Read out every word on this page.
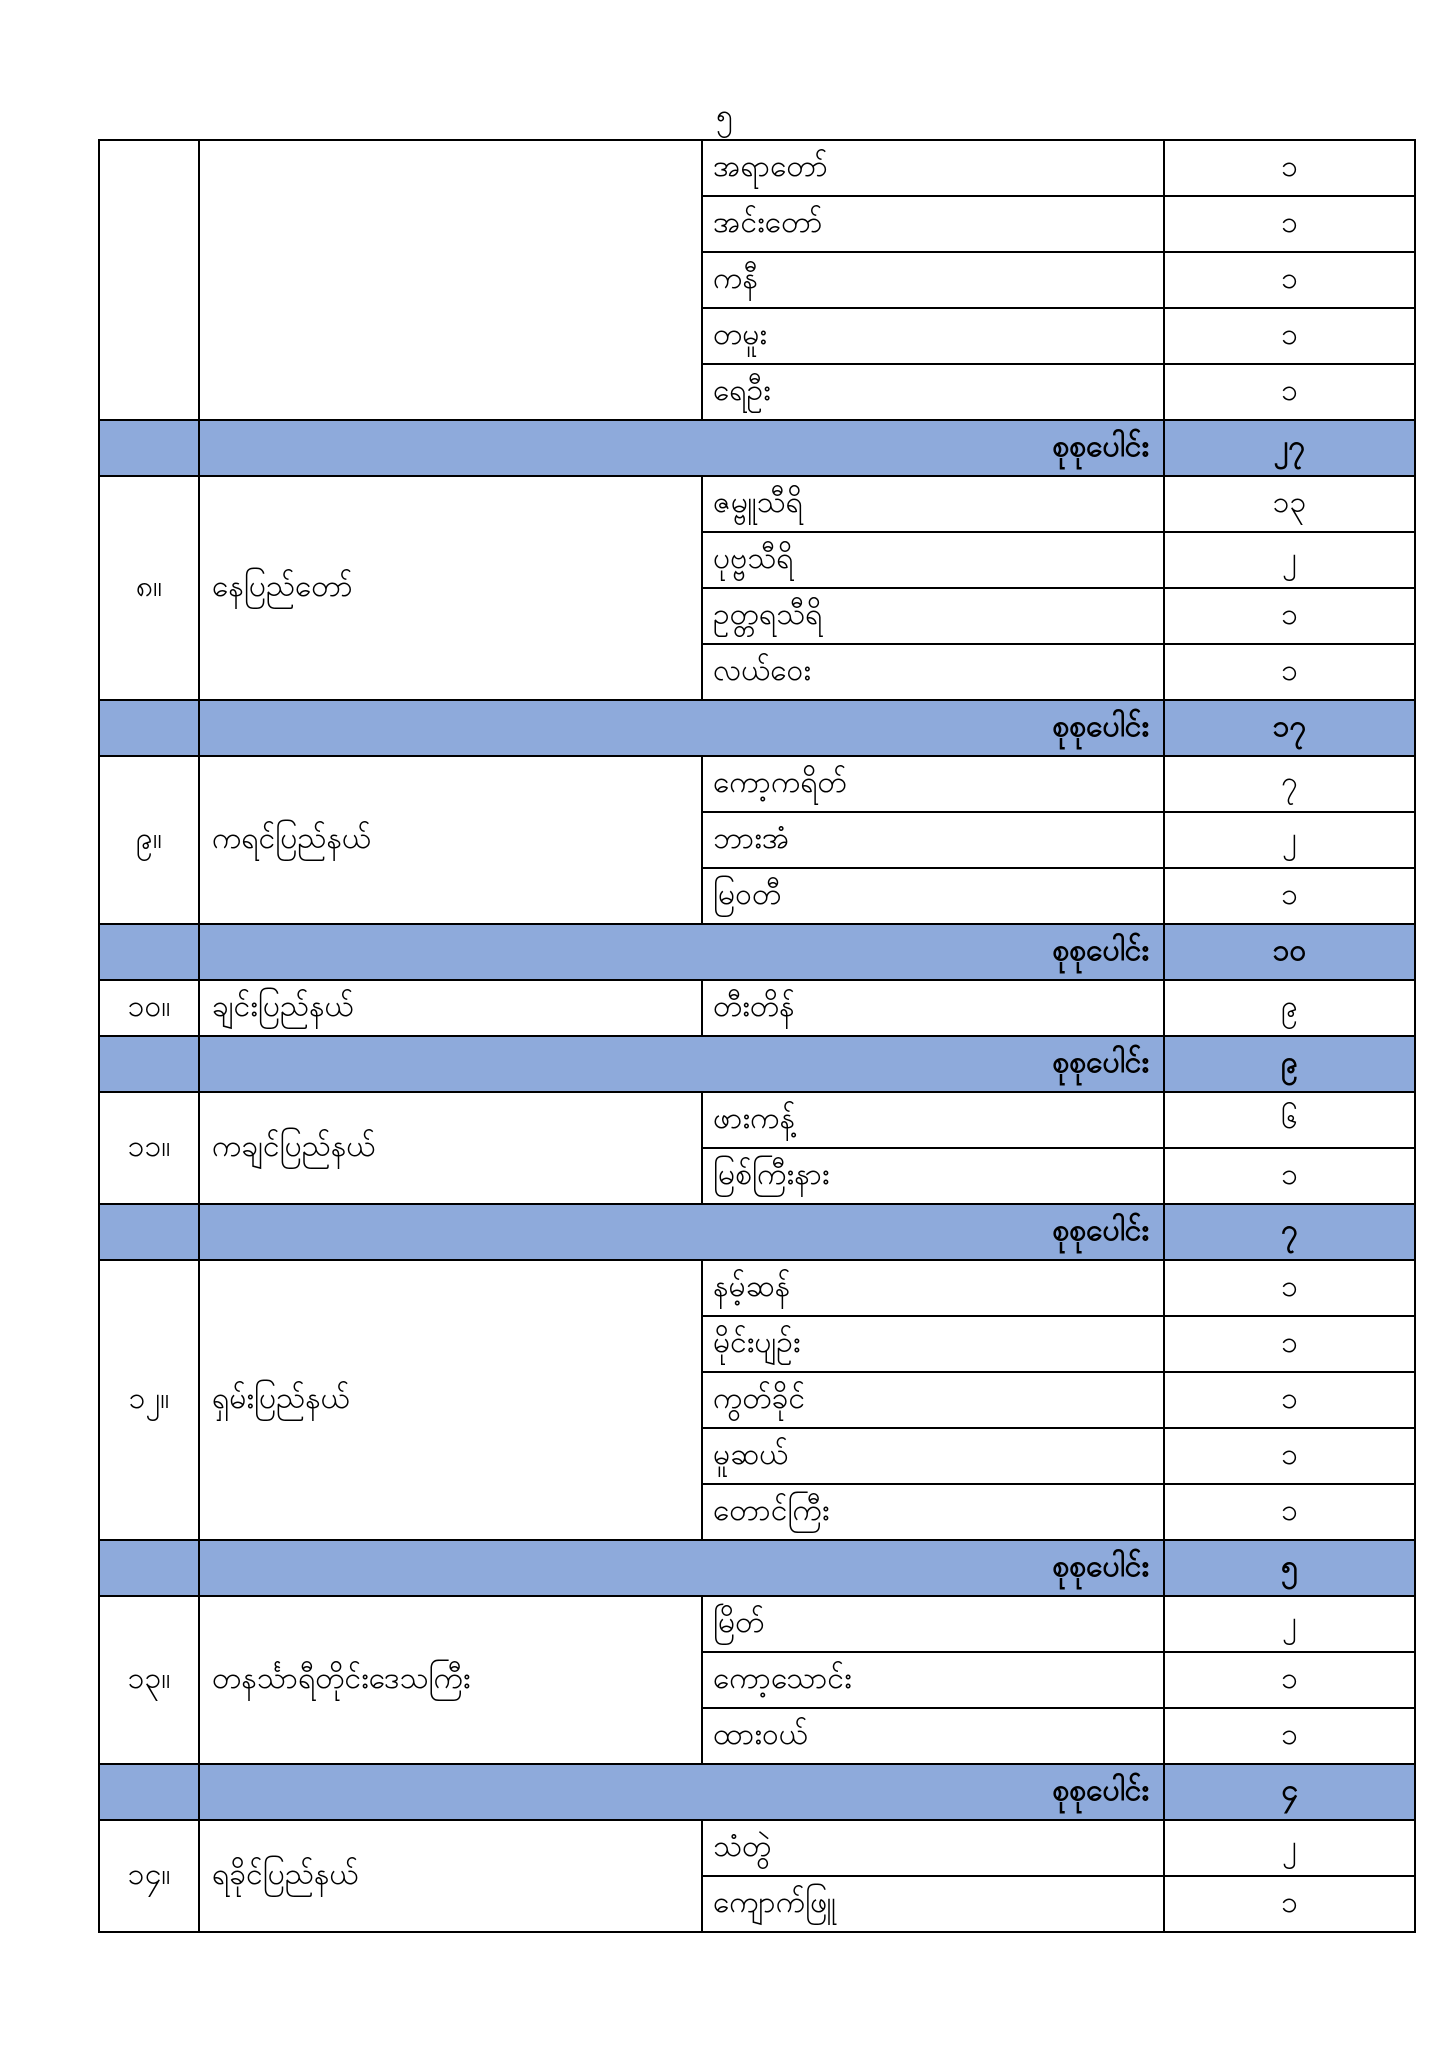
၅
		အရာတော်	၁
		အင်းတော်	၁
		ကနီ	၁
		တမူး	၁
		ရေဦး	၁
	စုစုပေါင်း		၂၇
၈။	နေပြည်တော်	ဇမ္ဗူသီရိ	၁၃
		ပုဗ္ဗသီရိ	၂
		ဥတ္တရသီရိ	၁
		လယ်ဝေး	၁
	စုစုပေါင်း		၁၇
၉။	ကရင်ပြည်နယ်	ကော့ကရိတ်	၇
		ဘားအံ	၂
		မြဝတီ	၁
	စုစုပေါင်း		၁၀
၁၀။	ချင်းပြည်နယ်	တီးတိန်	၉
	စုစုပေါင်း		၉
၁၁။	ကချင်ပြည်နယ်	ဖားကန့်	၆
		မြစ်ကြီးနား	၁
	စုစုပေါင်း		၇
၁၂။	ရှမ်းပြည်နယ်	နမ့်ဆန်	၁
		မိုင်းပျဉ်း	၁
		ကွတ်ခိုင်	၁
		မူဆယ်	၁
		တောင်ကြီး	၁
	စုစုပေါင်း		၅
၁၃။	တနင်္သာရီတိုင်းဒေသကြီး	မြိတ်	၂
		ကော့သောင်း	၁
		ထားဝယ်	၁
	စုစုပေါင်း		၄
၁၄။	ရခိုင်ပြည်နယ်	သံတွဲ	၂
		ကျောက်ဖြူ	၁
